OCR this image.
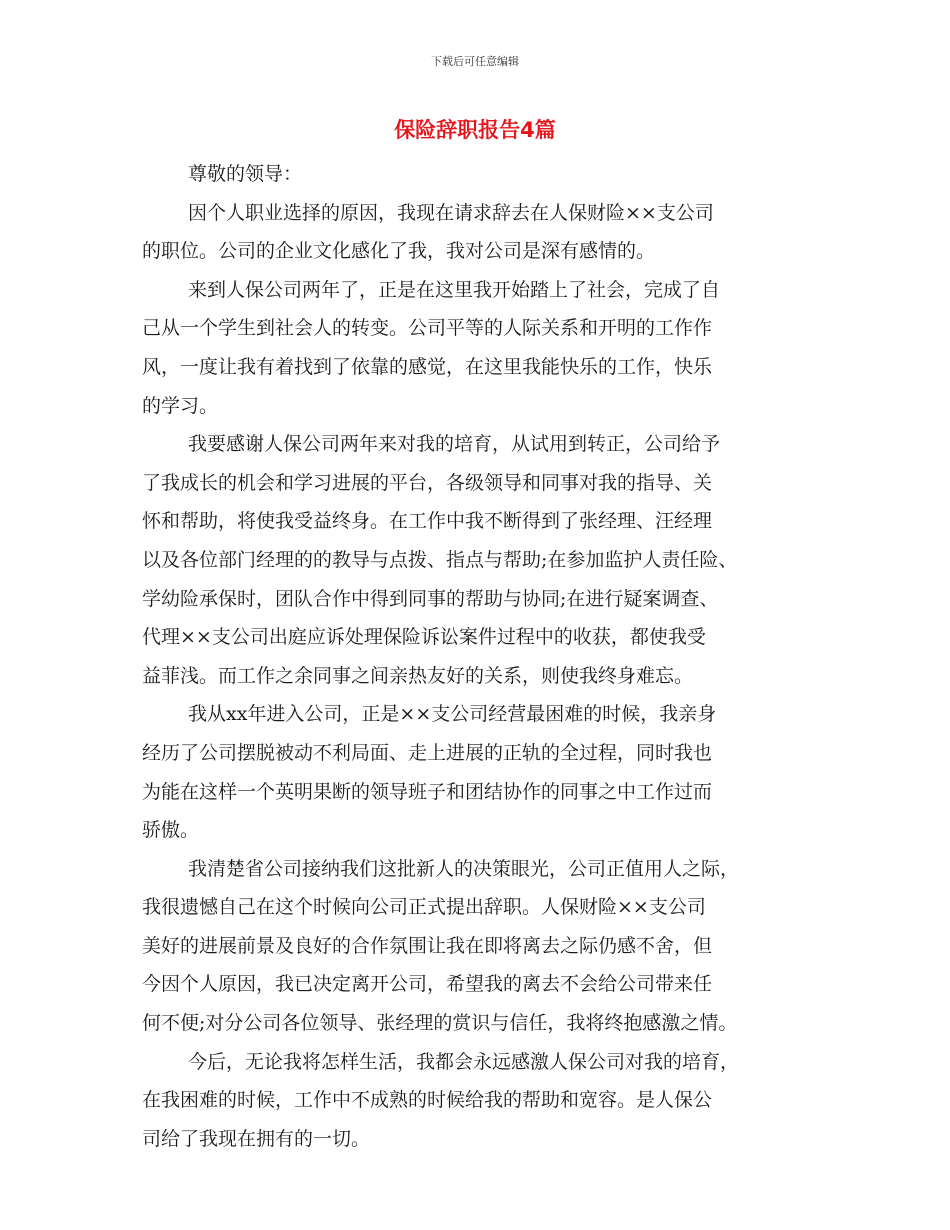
下载后可任意编辑
保险辞职报告4篇
尊敬的领导：
因个人职业选择的原因，我现在请求辞去在人保财险××支公司
的职位。公司的企业文化感化了我，我对公司是深有感情的。
来到人保公司两年了，正是在这里我开始踏上了社会，完成了自
己从一个学生到社会人的转变。公司平等的人际关系和开明的工作作
风，一度让我有着找到了依靠的感觉，在这里我能快乐的工作，快乐
的学习。
我要感谢人保公司两年来对我的培育，从试用到转正，公司给予
了我成长的机会和学习进展的平台，各级领导和同事对我的指导、关
怀和帮助，将使我受益终身。在工作中我不断得到了张经理、汪经理
以及各位部门经理的的教导与点拨、指点与帮助;在参加监护人责任险、
学幼险承保时，团队合作中得到同事的帮助与协同;在进行疑案调查、
代理××支公司出庭应诉处理保险诉讼案件过程中的收获，都使我受
益菲浅。而工作之余同事之间亲热友好的关系，则使我终身难忘。
我从xx年进入公司，正是××支公司经营最困难的时候，我亲身
经历了公司摆脱被动不利局面、走上进展的正轨的全过程，同时我也
为能在这样一个英明果断的领导班子和团结协作的同事之中工作过而
骄傲。
我清楚省公司接纳我们这批新人的决策眼光，公司正值用人之际，
我很遗憾自己在这个时候向公司正式提出辞职。人保财险××支公司
美好的进展前景及良好的合作氛围让我在即将离去之际仍感不舍，但
今因个人原因，我已决定离开公司，希望我的离去不会给公司带来任
何不便;对分公司各位领导、张经理的赏识与信任，我将终抱感激之情。
今后，无论我将怎样生活，我都会永远感激人保公司对我的培育，
在我困难的时候，工作中不成熟的时候给我的帮助和宽容。是人保公
司给了我现在拥有的一切。
